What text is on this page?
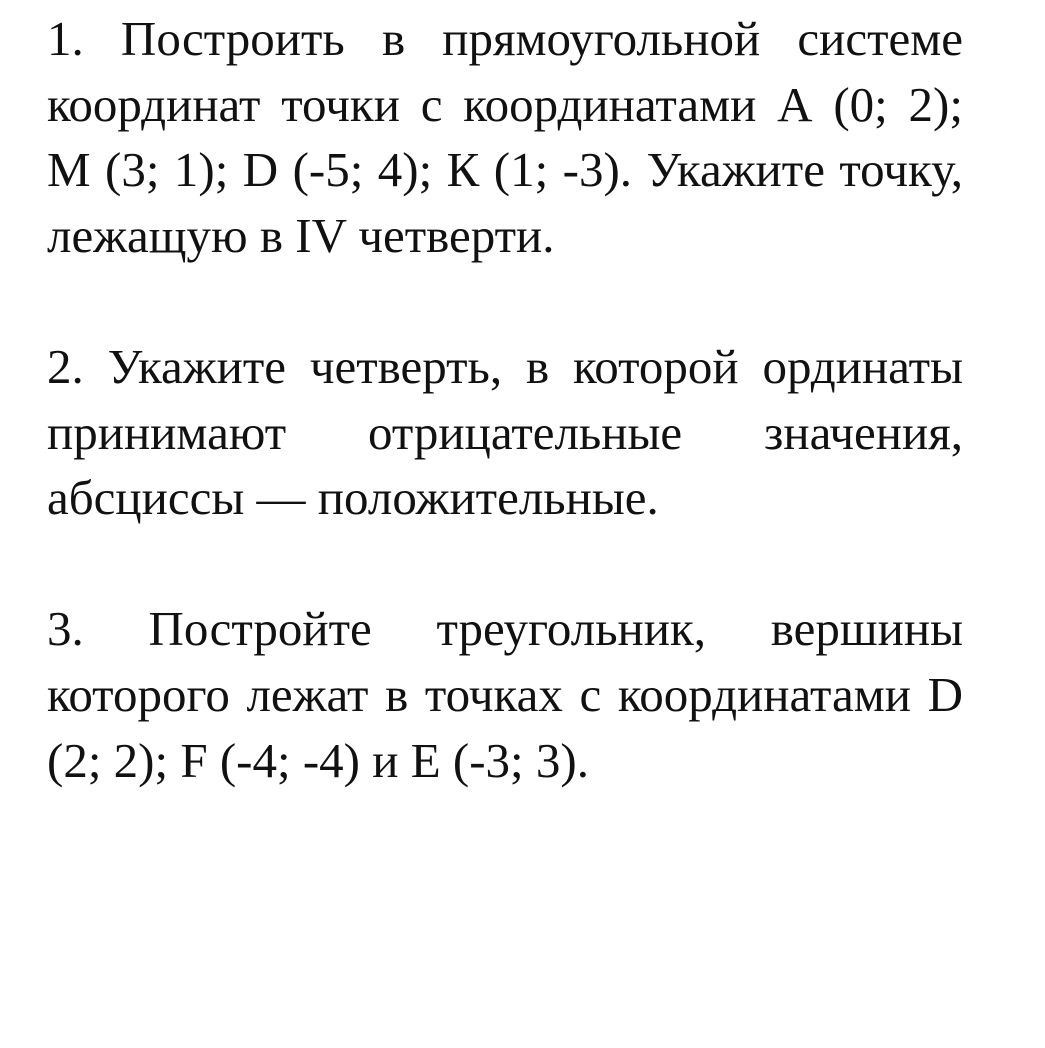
1. Построить в прямоугольной системе координат точки с координатами А (0; 2); М (3; 1); D (-5; 4); К (1; -3). Укажите точку, лежащую в IV четверти.

2. Укажите четверть, в которой ординаты принимают отрицательные значения, абсциссы — положительные.

3. Постройте треугольник, вершины которого лежат в точках с координатами D (2; 2); F (-4; -4) и E (-3; 3).
